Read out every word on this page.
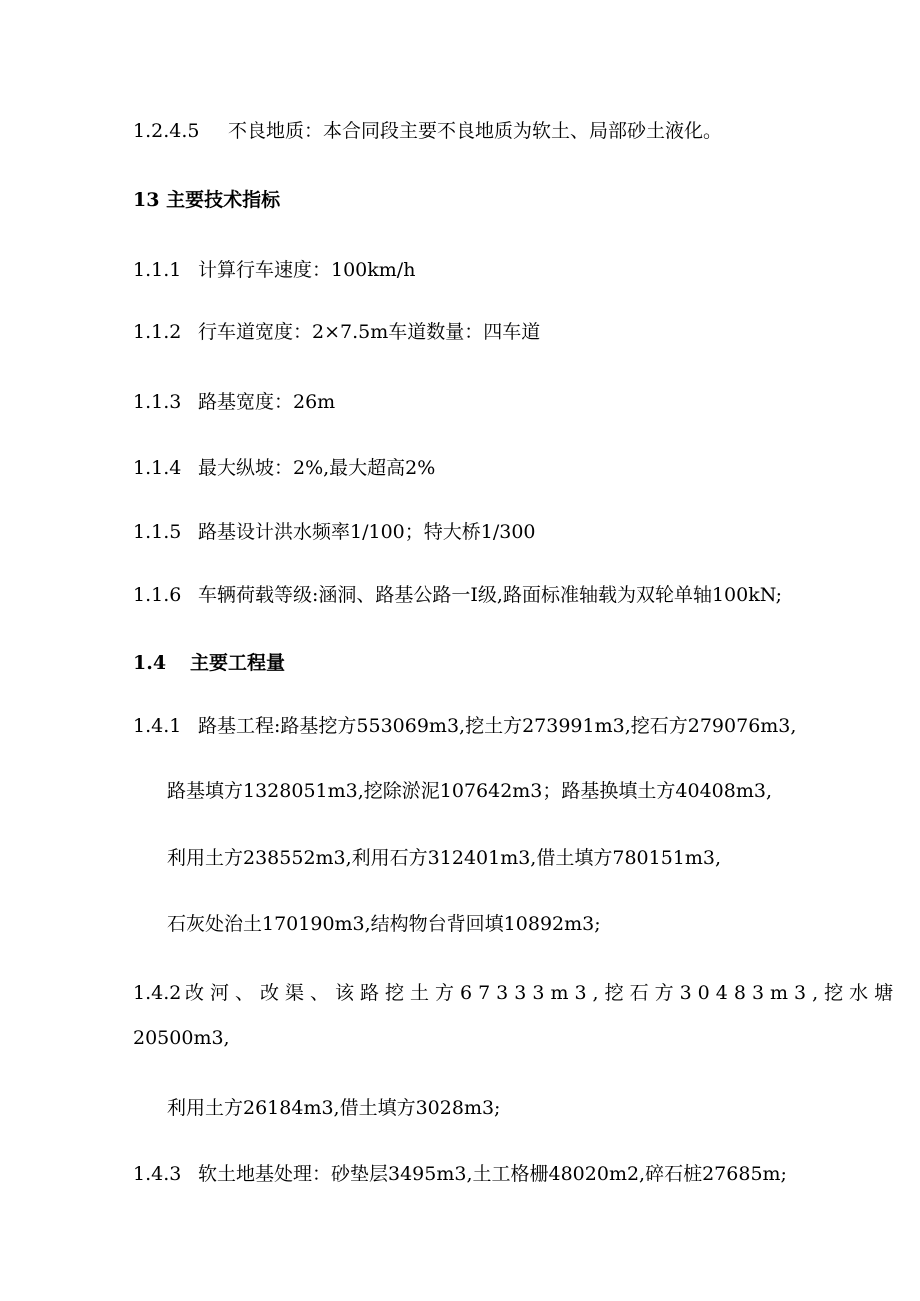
1.2.4.5 不良地质：本合同段主要不良地质为软土、局部砂土液化。
13 主要技术指标
1.1.1 计算行车速度：100km/h
1.1.2 行车道宽度：2×7.5m车道数量：四车道
1.1.3 路基宽度：26m
1.1.4 最大纵坡：2%,最大超高2%
1.1.5 路基设计洪水频率1/100；特大桥1/300
1.1.6 车辆荷载等级:涵洞、路基公路一Ⅰ级,路面标准轴载为双轮单轴100kN;
1.4 主要工程量
1.4.1 路基工程:路基挖方553069m3,挖土方273991m3,挖石方279076m3,
路基填方1328051m3,挖除淤泥107642m3；路基换填土方40408m3,
利用土方238552m3,利用石方312401m3,借土填方780151m3,
石灰处治土170190m3,结构物台背回填10892m3;
1.4.2 改河、改渠、该路挖土方67333m3,挖石方30483m3,挖水塘
20500m3,
利用土方26184m3,借土填方3028m3;
1.4.3 软土地基处理：砂垫层3495m3,土工格栅48020m2,碎石桩27685m;
